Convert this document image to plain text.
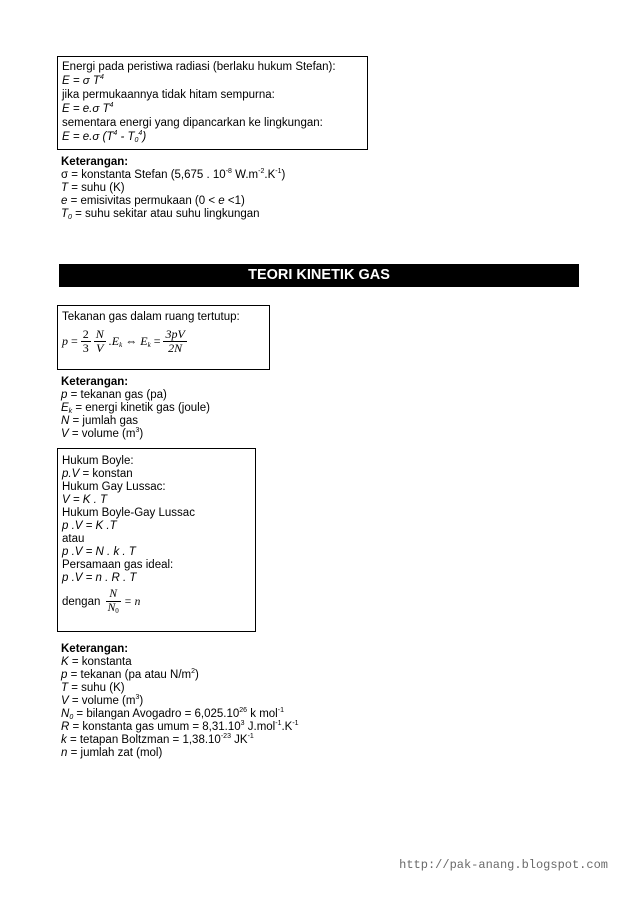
Energi pada peristiwa radiasi (berlaku hukum Stefan):
E = σ $T^4$
jika permukaannya tidak hitam sempurna:
E = e.σ $T^4$
sementara energi yang dipancarkan ke lingkungan:
E = e.σ $(T^4 - T_0^4)$
Keterangan:
σ = konstanta Stefan (5,675 . $10^{-8}$ $W.m^{-2}.K^{-1}$)
T = suhu (K)
e = emisivitas permukaan (0 < e <1)
$T_0$ = suhu sekitar atau suhu lingkungan
TEORI KINETIK GAS
Tekanan gas dalam ruang tertutup:
$p = \frac{2}{3}$
$\frac{N}{V} .E_k$ ⇔ $E_k = \frac{3pV}{2N}$
Keterangan:
p = tekanan gas (pa)
$E_k$ = energi kinetik gas (joule)
N = jumlah gas
V = volume $(m^3)$
Hukum Boyle:
p.V = konstan
Hukum Gay Lussac:
V = K . T
Hukum Boyle-Gay Lussac
p .V = K .T
atau
p .V = N . k . T
Persamaan gas ideal:
p .V = n . R . T
dengan $\frac{N}{N_0} = n$
Keterangan:
K = konstanta
p = tekanan (pa atau $N/m^2$)
T = suhu (K)
V = volume $(m^3)$
$N_0$ = bilangan Avogadro = $6,025.10^{26}$ k mol$^{-1}$
R = konstanta gas umum = $8,31.10^3$ $J.mol^{-1}.K^{-1}$
k = tetapan Boltzman = $1,38.10^{-23}$ $JK^{-1}$
n = jumlah zat (mol)
http://pak-anang.blogspot.com
